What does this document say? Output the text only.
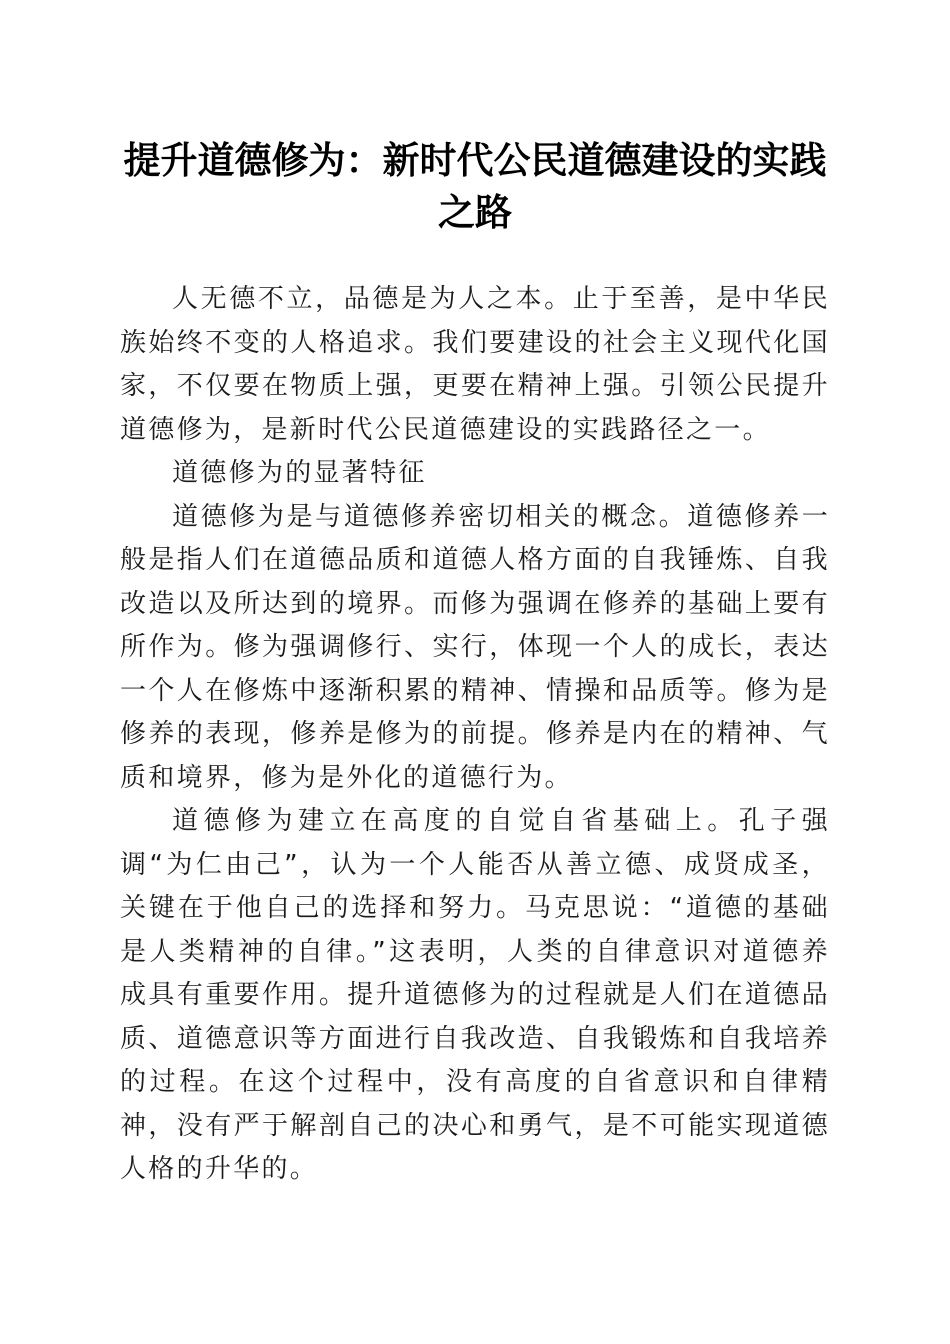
提升道德修为：新时代公民道德建设的实践之路

人无德不立，品德是为人之本。止于至善，是中华民族始终不变的人格追求。我们要建设的社会主义现代化国家，不仅要在物质上强，更要在精神上强。引领公民提升道德修为，是新时代公民道德建设的实践路径之一。

道德修为的显著特征

道德修为是与道德修养密切相关的概念。道德修养一般是指人们在道德品质和道德人格方面的自我锤炼、自我改造以及所达到的境界。而修为强调在修养的基础上要有所作为。修为强调修行、实行，体现一个人的成长，表达一个人在修炼中逐渐积累的精神、情操和品质等。修为是修养的表现，修养是修为的前提。修养是内在的精神、气质和境界，修为是外化的道德行为。

道德修为建立在高度的自觉自省基础上。孔子强调“为仁由己”，认为一个人能否从善立德、成贤成圣，关键在于他自己的选择和努力。马克思说：“道德的基础是人类精神的自律。”这表明，人类的自律意识对道德养成具有重要作用。提升道德修为的过程就是人们在道德品质、道德意识等方面进行自我改造、自我锻炼和自我培养的过程。在这个过程中，没有高度的自省意识和自律精神，没有严于解剖自己的决心和勇气，是不可能实现道德人格的升华的。
